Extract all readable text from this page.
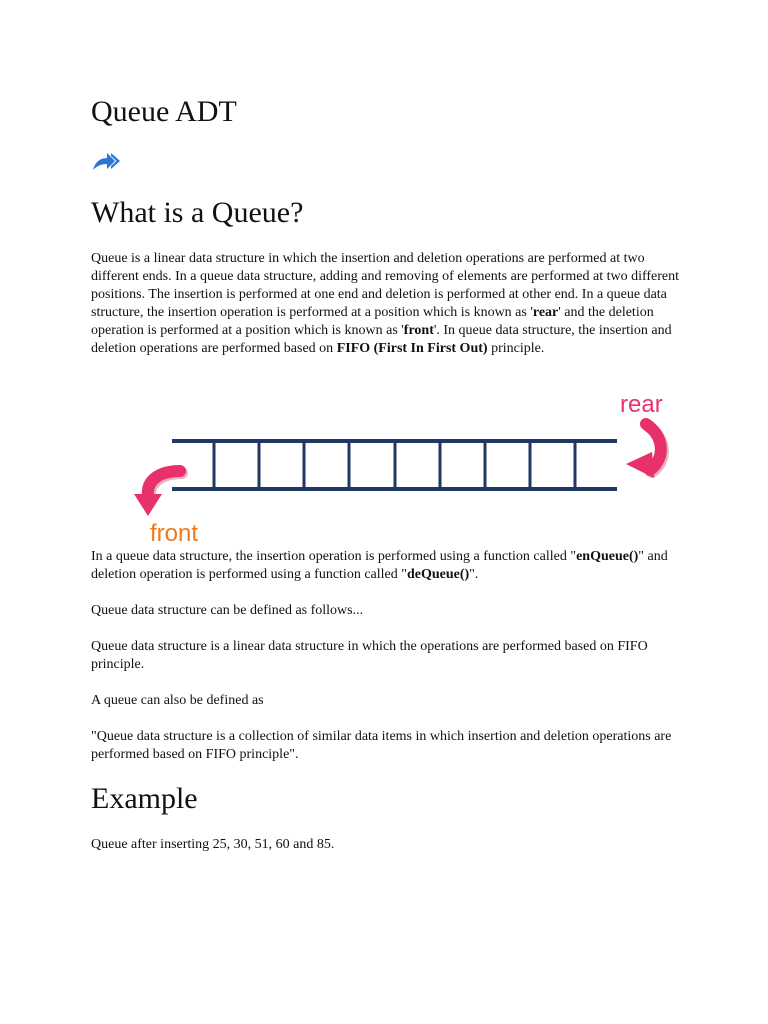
Queue ADT
What is a Queue?

Queue is a linear data structure in which the insertion and deletion operations are performed at two different ends. In a queue data structure, adding and removing of elements are performed at two different positions. The insertion is performed at one end and deletion is performed at other end. In a queue data structure, the insertion operation is performed at a position which is known as 'rear' and the deletion operation is performed at a position which is known as 'front'. In queue data structure, the insertion and deletion operations are performed based on FIFO (First In First Out) principle.

In a queue data structure, the insertion operation is performed using a function called "enQueue()" and deletion operation is performed using a function called "deQueue()".

Queue data structure can be defined as follows...

Queue data structure is a linear data structure in which the operations are performed based on FIFO principle.

A queue can also be defined as

"Queue data structure is a collection of similar data items in which insertion and deletion operations are performed based on FIFO principle".

Example

Queue after inserting 25, 30, 51, 60 and 85.

rear
front
